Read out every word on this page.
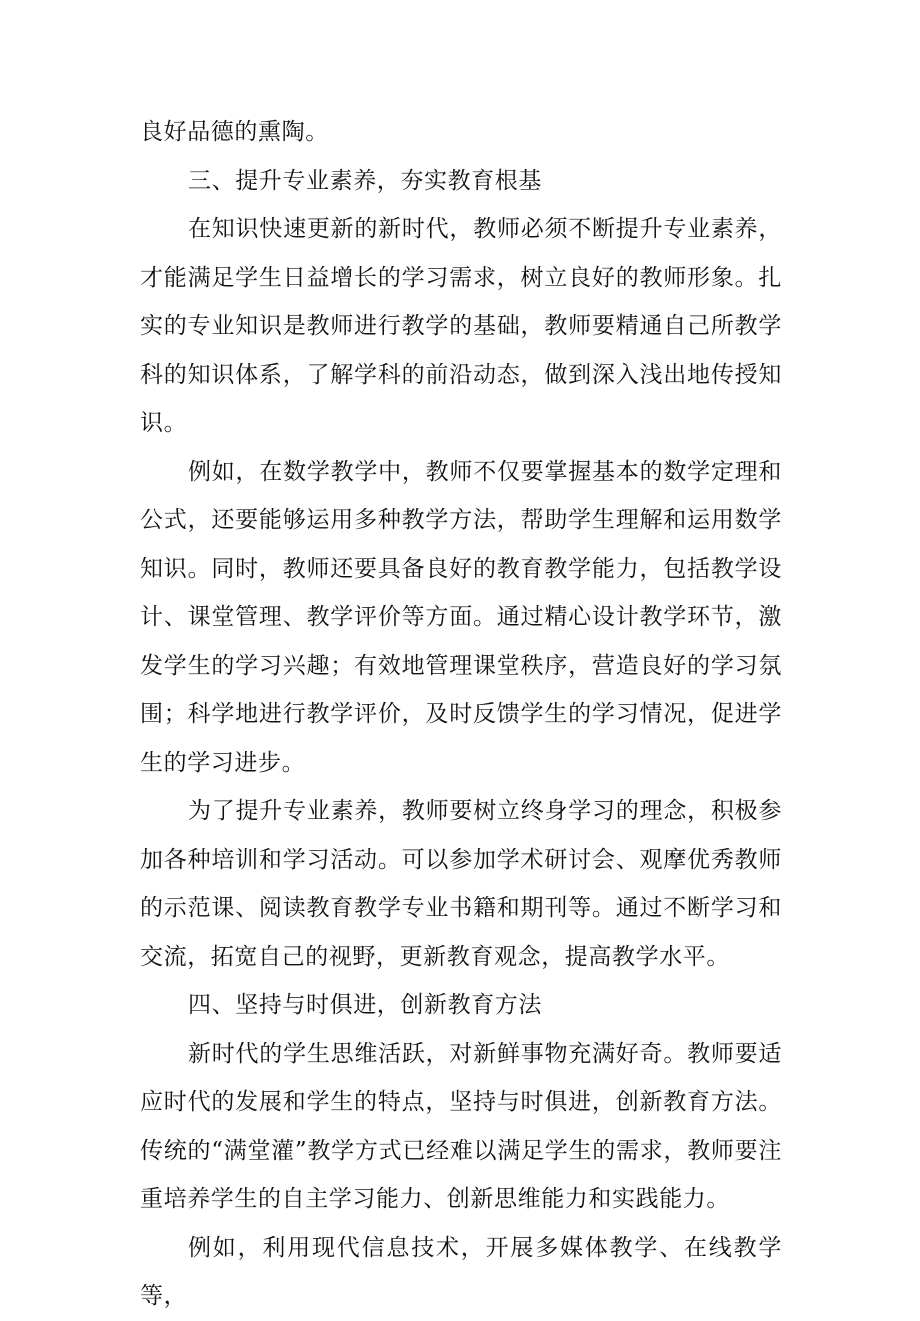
良好品德的熏陶。

三、提升专业素养，夯实教育根基

在知识快速更新的新时代，教师必须不断提升专业素养，才能满足学生日益增长的学习需求，树立良好的教师形象。扎实的专业知识是教师进行教学的基础，教师要精通自己所教学科的知识体系，了解学科的前沿动态，做到深入浅出地传授知识。

例如，在数学教学中，教师不仅要掌握基本的数学定理和公式，还要能够运用多种教学方法，帮助学生理解和运用数学知识。同时，教师还要具备良好的教育教学能力，包括教学设计、课堂管理、教学评价等方面。通过精心设计教学环节，激发学生的学习兴趣；有效地管理课堂秩序，营造良好的学习氛围；科学地进行教学评价，及时反馈学生的学习情况，促进学生的学习进步。

为了提升专业素养，教师要树立终身学习的理念，积极参加各种培训和学习活动。可以参加学术研讨会、观摩优秀教师的示范课、阅读教育教学专业书籍和期刊等。通过不断学习和交流，拓宽自己的视野，更新教育观念，提高教学水平。

四、坚持与时俱进，创新教育方法

新时代的学生思维活跃，对新鲜事物充满好奇。教师要适应时代的发展和学生的特点，坚持与时俱进，创新教育方法。传统的“满堂灌”教学方式已经难以满足学生的需求，教师要注重培养学生的自主学习能力、创新思维能力和实践能力。

例如，利用现代信息技术，开展多媒体教学、在线教学等，
